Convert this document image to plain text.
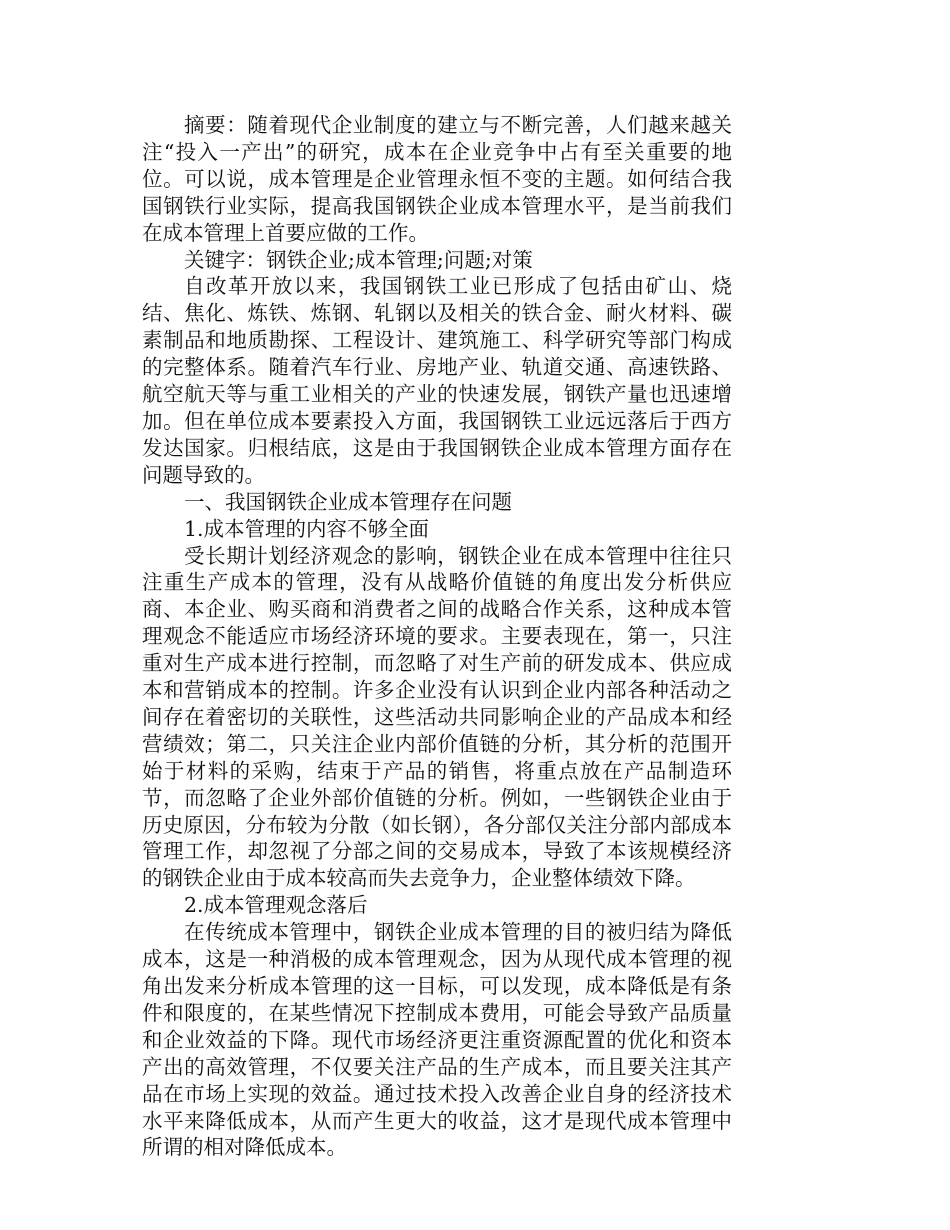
摘要：随着现代企业制度的建立与不断完善，人们越来越关注“投入一产出”的研究，成本在企业竞争中占有至关重要的地位。可以说，成本管理是企业管理永恒不变的主题。如何结合我国钢铁行业实际，提高我国钢铁企业成本管理水平，是当前我们在成本管理上首要应做的工作。

关键字：钢铁企业;成本管理;问题;对策

自改革开放以来，我国钢铁工业已形成了包括由矿山、烧结、焦化、炼铁、炼钢、轧钢以及相关的铁合金、耐火材料、碳素制品和地质勘探、工程设计、建筑施工、科学研究等部门构成的完整体系。随着汽车行业、房地产业、轨道交通、高速铁路、航空航天等与重工业相关的产业的快速发展，钢铁产量也迅速增加。但在单位成本要素投入方面，我国钢铁工业远远落后于西方发达国家。归根结底，这是由于我国钢铁企业成本管理方面存在问题导致的。

一、我国钢铁企业成本管理存在问题

1.成本管理的内容不够全面

受长期计划经济观念的影响，钢铁企业在成本管理中往往只注重生产成本的管理，没有从战略价值链的角度出发分析供应商、本企业、购买商和消费者之间的战略合作关系，这种成本管理观念不能适应市场经济环境的要求。主要表现在，第一，只注重对生产成本进行控制，而忽略了对生产前的研发成本、供应成本和营销成本的控制。许多企业没有认识到企业内部各种活动之间存在着密切的关联性，这些活动共同影响企业的产品成本和经营绩效；第二，只关注企业内部价值链的分析，其分析的范围开始于材料的采购，结束于产品的销售，将重点放在产品制造环节，而忽略了企业外部价值链的分析。例如，一些钢铁企业由于历史原因，分布较为分散（如长钢），各分部仅关注分部内部成本管理工作，却忽视了分部之间的交易成本，导致了本该规模经济的钢铁企业由于成本较高而失去竞争力，企业整体绩效下降。

2.成本管理观念落后

在传统成本管理中，钢铁企业成本管理的目的被归结为降低成本，这是一种消极的成本管理观念，因为从现代成本管理的视角出发来分析成本管理的这一目标，可以发现，成本降低是有条件和限度的，在某些情况下控制成本费用，可能会导致产品质量和企业效益的下降。现代市场经济更注重资源配置的优化和资本产出的高效管理，不仅要关注产品的生产成本，而且要关注其产品在市场上实现的效益。通过技术投入改善企业自身的经济技术水平来降低成本，从而产生更大的收益，这才是现代成本管理中所谓的相对降低成本。
